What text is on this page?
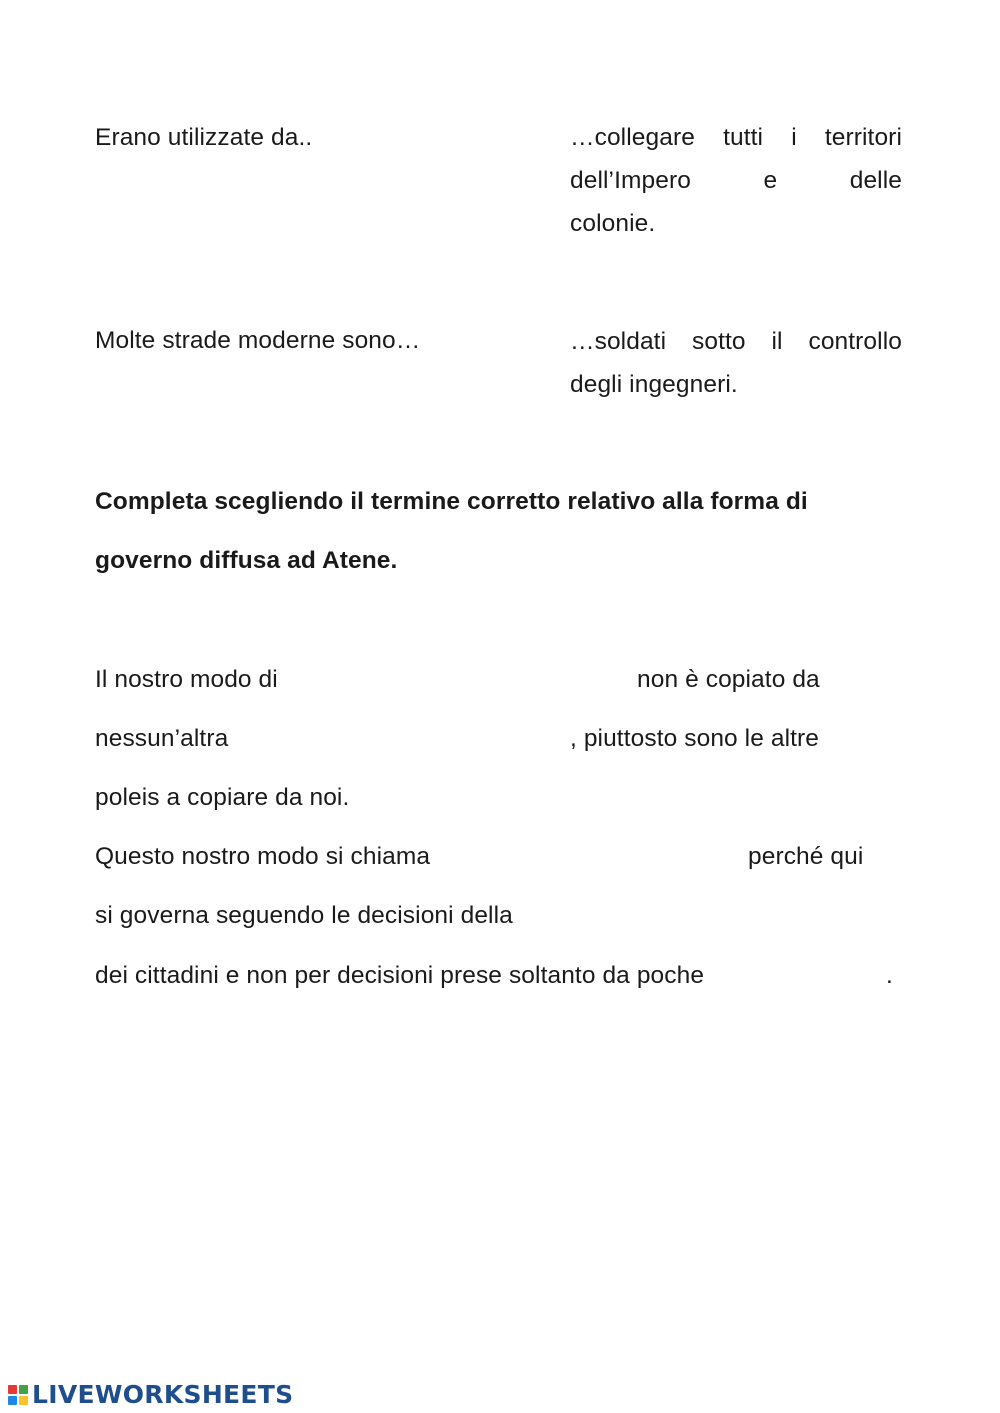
Erano utilizzate da..	…collegare tutti i territori
dell’Impero	e	delle
colonie.
Molte strade moderne sono…	…soldati sotto il controllo
degli ingegneri.
Completa scegliendo il termine corretto relativo alla forma di
governo diffusa ad Atene.
Il nostro modo di	non è copiato da
nessun’altra	, piuttosto sono le altre
poleis a copiare da noi.
Questo nostro modo si chiama	perché qui
si governa seguendo le decisioni della
dei cittadini e non per decisioni prese soltanto da poche	.
LIVEWORKSHEETS
